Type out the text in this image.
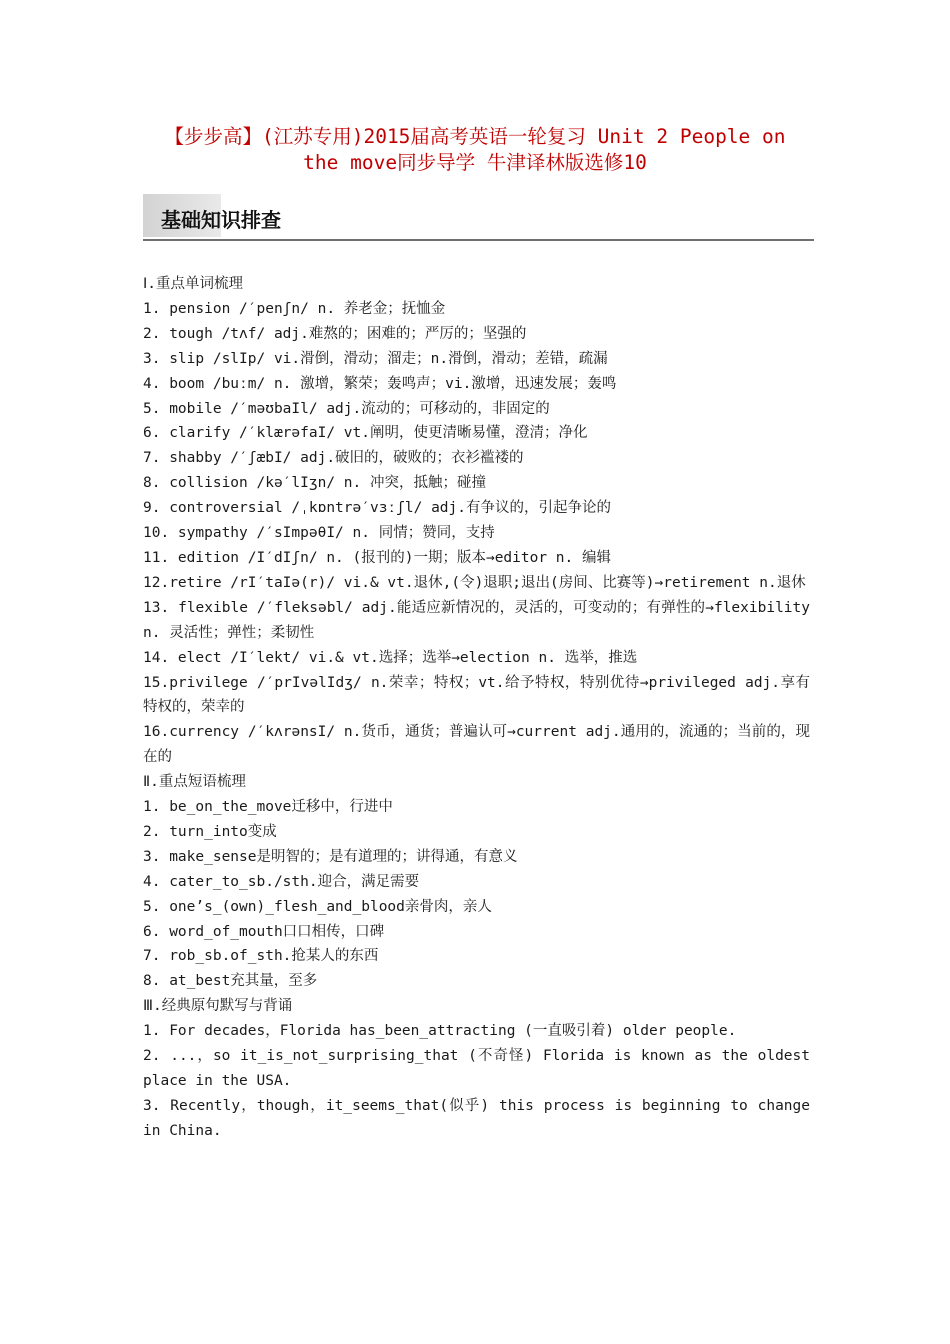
【步步高】(江苏专用)2015届高考英语一轮复习 Unit 2 People on
the move同步导学 牛津译林版选修10
基础知识排查

Ⅰ.重点单词梳理

1. pension /′penʃn/ n. 养老金；抚恤金

2. tough /tʌf/ adj.难熬的；困难的；严厉的；坚强的

3. slip /slIp/ vi.滑倒，滑动；溜走；n.滑倒，滑动；差错，疏漏

4. boom /buːm/ n. 激增，繁荣；轰鸣声；vi.激增，迅速发展；轰鸣

5. mobile /′məʊbaIl/ adj.流动的；可移动的，非固定的

6. clarify /′klærəfaI/ vt.阐明，使更清晰易懂，澄清；净化

7. shabby /′ʃæbI/ adj.破旧的，破败的；衣衫褴褛的

8. collision /kə′lIʒn/ n. 冲突，抵触；碰撞

9. controversial /ˌkɒntrə′vɜːʃl/ adj.有争议的，引起争论的

10. sympathy /′sImpəθI/ n. 同情；赞同，支持

11. edition /I′dIʃn/ n. (报刊的)一期；版本→editor n. 编辑

12.retire /rI′taIə(r)/ vi.& vt.退休,(令)退职;退出(房间、比赛等)→retirement n.退休

13. flexible /′fleksəbl/ adj.能适应新情况的，灵活的，可变动的；有弹性的→flexibility n. 灵活性；弹性；柔韧性

14. elect /I′lekt/ vi.& vt.选择；选举→election n. 选举，推选

15.privilege /′prIvəlIdʒ/ n.荣幸；特权；vt.给予特权，特别优待→privileged adj.享有特权的，荣幸的

16.currency /′kʌrənsI/ n.货币，通货；普遍认可→current adj.通用的，流通的；当前的，现在的

Ⅱ.重点短语梳理

1. be_on_the_move迁移中，行进中

2. turn_into变成

3. make_sense是明智的；是有道理的；讲得通，有意义

4. cater_to_sb./sth.迎合，满足需要

5. one’s_(own)_flesh_and_blood亲骨肉，亲人

6. word_of_mouth口口相传，口碑

7. rob_sb.of_sth.抢某人的东西

8. at_best充其量，至多

Ⅲ.经典原句默写与背诵

1. For decades，Florida has_been_attracting (一直吸引着) older people.

2. ...，so it_is_not_surprising_that (不奇怪) Florida is known as the oldest place in the USA.

3. Recently，though，it_seems_that(似乎) this process is beginning to change in China.
